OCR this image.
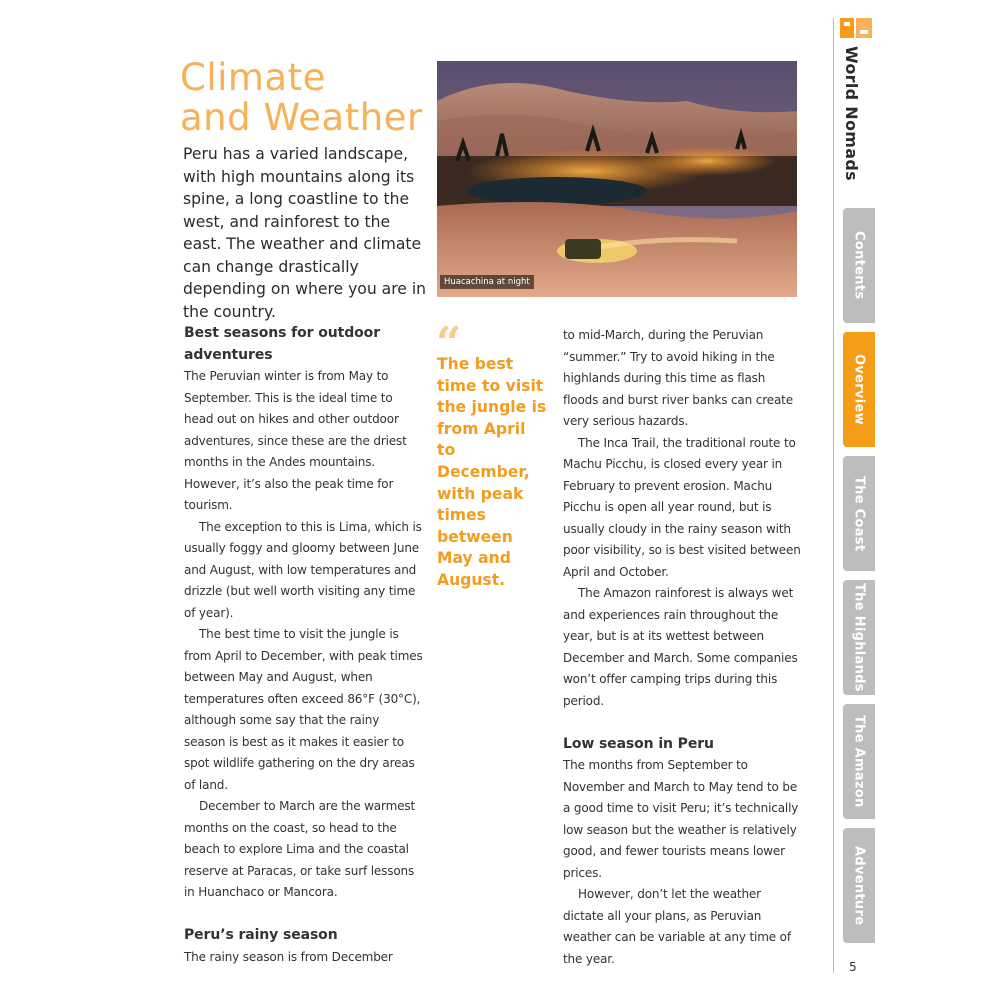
Climate
and Weather

Peru has a varied landscape, with high mountains along its spine, a long coastline to the west, and rainforest to the east. The weather and climate can change drastically depending on where you are in the country.

Huacachina at night
Best seasons for outdoor adventures

The Peruvian winter is from May to September. This is the ideal time to head out on hikes and other outdoor adventures, since these are the driest months in the Andes mountains. However, it’s also the peak time for tourism.

The exception to this is Lima, which is usually foggy and gloomy between June and August, with low temperatures and drizzle (but well worth visiting any time of year).

The best time to visit the jungle is from April to December, with peak times between May and August, when temperatures often exceed 86°F (30°C), although some say that the rainy season is best as it makes it easier to spot wildlife gathering on the dry areas of land.

December to March are the warmest months on the coast, so head to the beach to explore Lima and the coastal reserve at Paracas, or take surf lessons in Huanchaco or Mancora.

Peru’s rainy season

The rainy season is from December

“

The best time to visit the jungle is from April to December, with peak times between May and August.

to mid-March, during the Peruvian “summer.” Try to avoid hiking in the highlands during this time as flash floods and burst river banks can create very serious hazards.

The Inca Trail, the traditional route to Machu Picchu, is closed every year in February to prevent erosion. Machu Picchu is open all year round, but is usually cloudy in the rainy season with poor visibility, so is best visited between April and October.

The Amazon rainforest is always wet and experiences rain throughout the year, but is at its wettest between December and March. Some companies won’t offer camping trips during this period.

Low season in Peru

The months from September to November and March to May tend to be a good time to visit Peru; it’s technically low season but the weather is relatively good, and fewer tourists means lower prices.

However, don’t let the weather dictate all your plans, as Peruvian weather can be variable at any time of the year.

World Nomads
Contents
Overview
The Coast
The Highlands
The Amazon
Adventure
5
